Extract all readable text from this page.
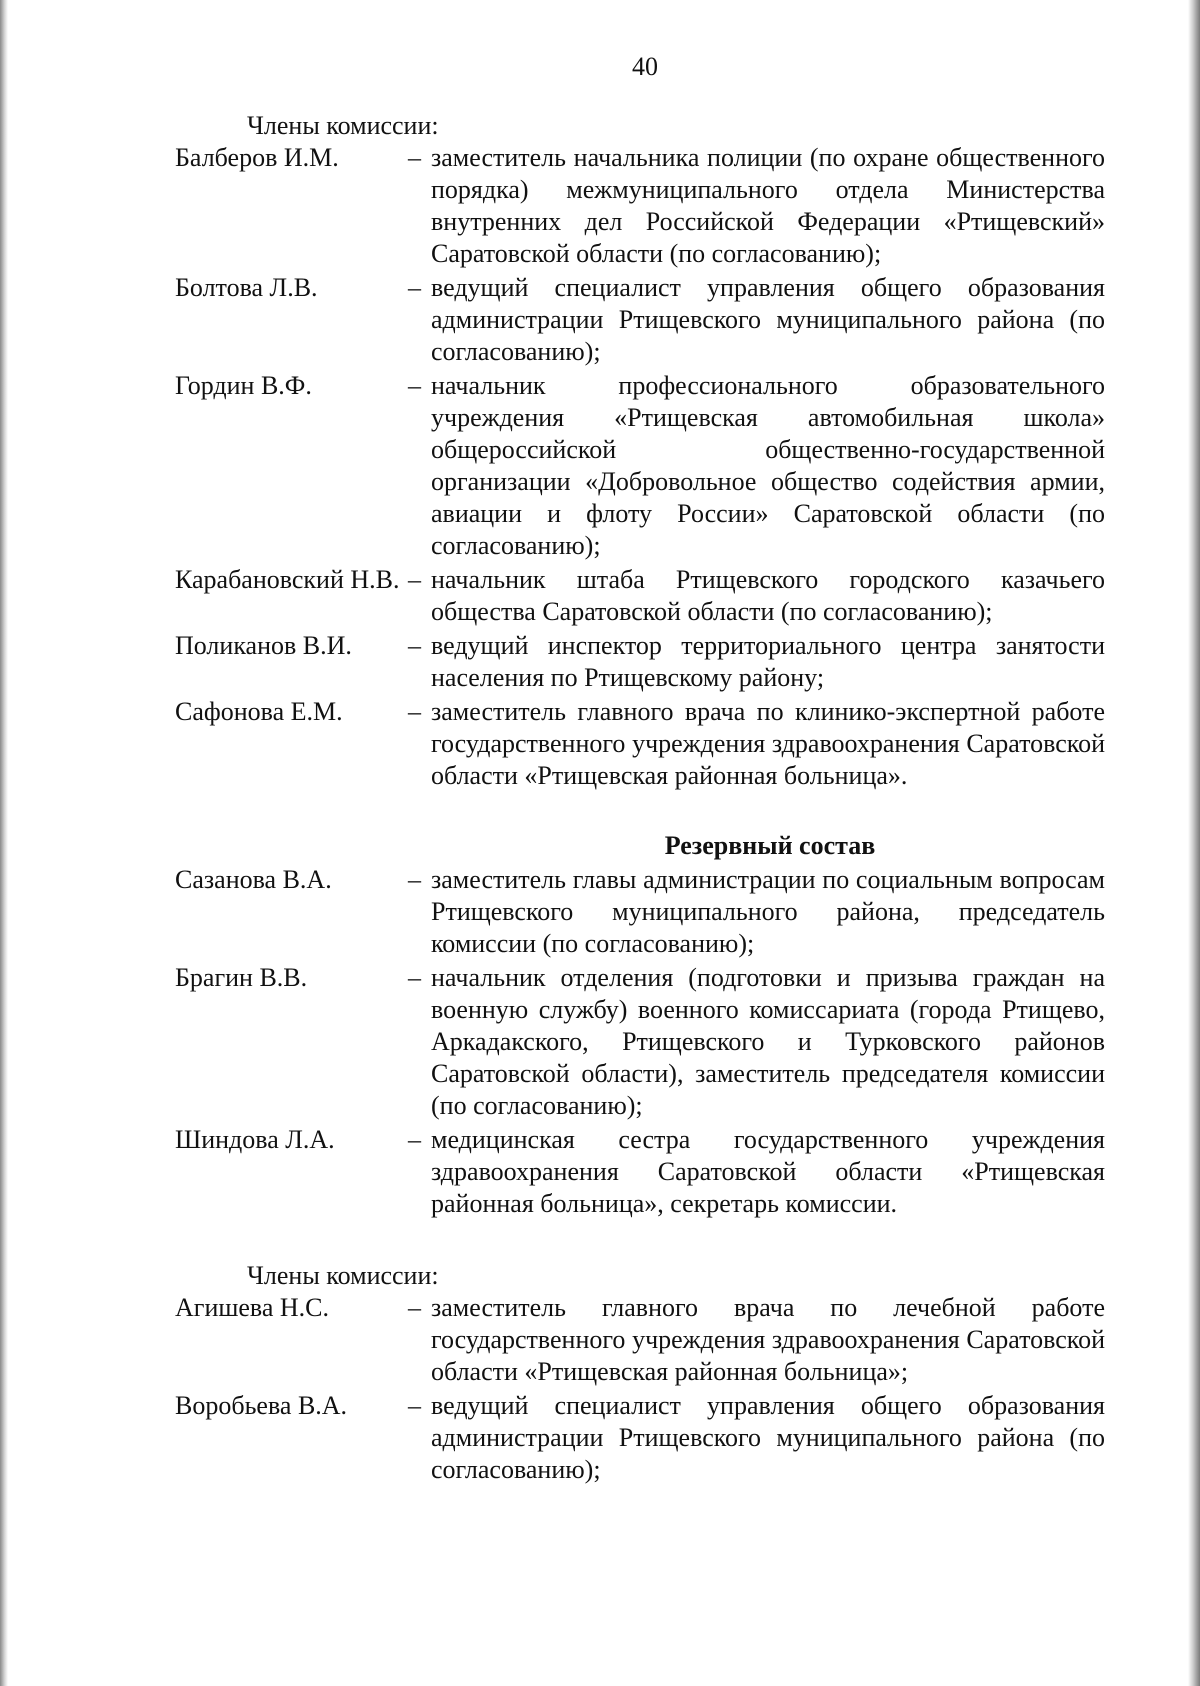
40
Члены комиссии:
Балберов И.М.	– заместитель начальника полиции (по охране общественного порядка) межмуниципального отдела Министерства внутренних дел Российской Федерации «Ртищевский» Саратовской области (по согласованию);
Болтова Л.В.	– ведущий специалист управления общего образования администрации Ртищевского муниципального района (по согласованию);
Гордин В.Ф.	– начальник профессионального образовательного учреждения «Ртищевская автомобильная школа» общероссийской общественно-государственной организации «Добровольное общество содействия армии, авиации и флоту России» Саратовской области (по согласованию);
Карабановский Н.В. – начальник штаба Ртищевского городского казачьего общества Саратовской области (по согласованию);
Поликанов В.И.	– ведущий инспектор территориального центра занятости населения по Ртищевскому району;
Сафонова Е.М.	– заместитель главного врача по клинико-экспертной работе государственного учреждения здравоохранения Саратовской области «Ртищевская районная больница».
Резервный состав
Сазанова В.А.	– заместитель главы администрации по социальным вопросам Ртищевского муниципального района, председатель комиссии (по согласованию);
Брагин В.В.	– начальник отделения (подготовки и призыва граждан на военную службу) военного комиссариата (города Ртищево, Аркадакского, Ртищевского и Турковского районов Саратовской области), заместитель председателя комиссии (по согласованию);
Шиндова Л.А.	– медицинская сестра государственного учреждения здравоохранения Саратовской области «Ртищевская районная больница», секретарь комиссии.
Члены комиссии:
Агишева Н.С.	– заместитель главного врача по лечебной работе государственного учреждения здравоохранения Саратовской области «Ртищевская районная больница»;
Воробьева В.А.	– ведущий специалист управления общего образования администрации Ртищевского муниципального района (по согласованию);
